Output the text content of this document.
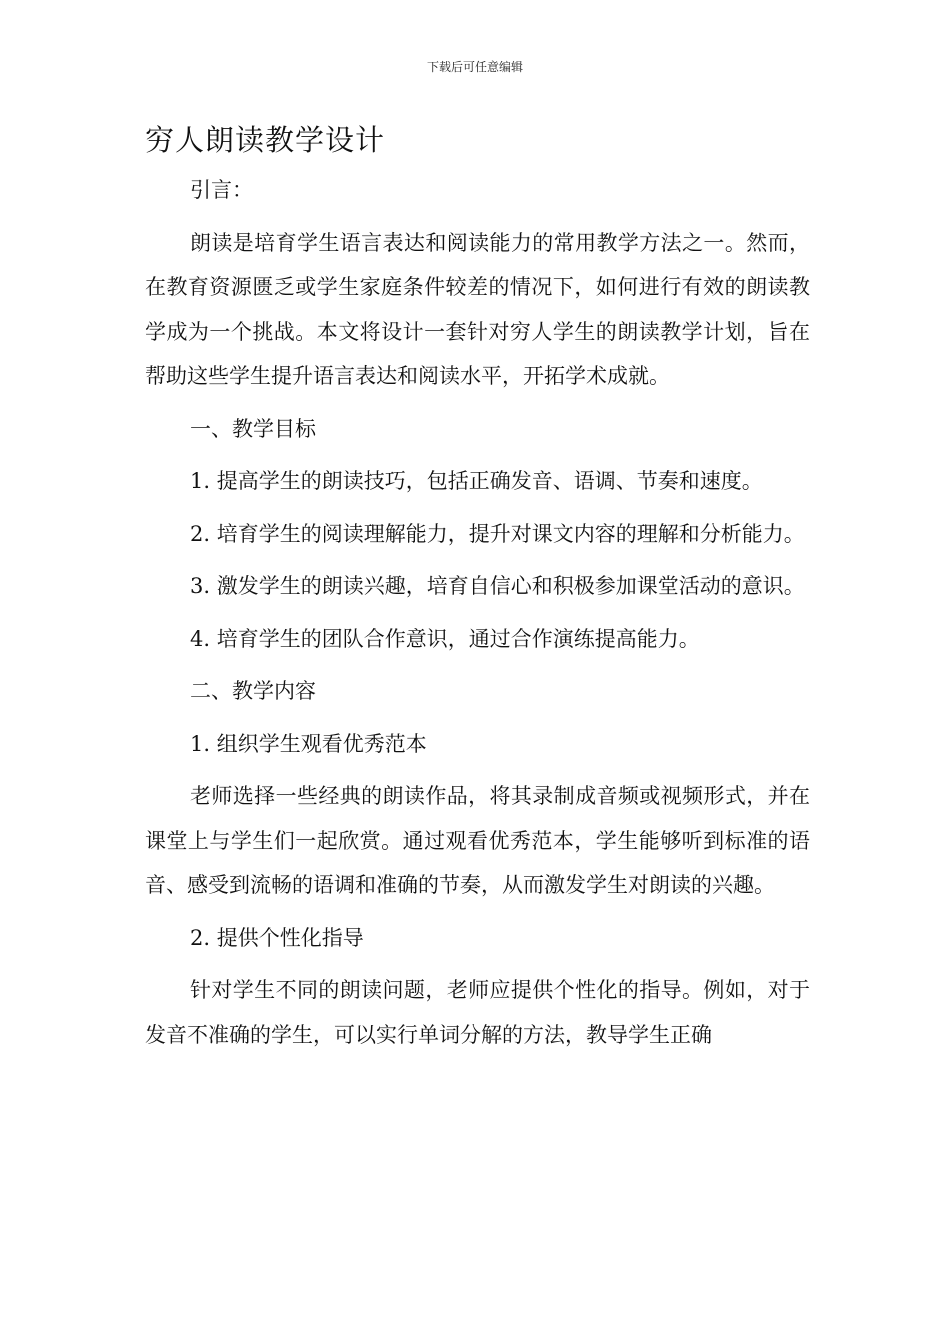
下载后可任意编辑
穷人朗读教学设计

引言：

朗读是培育学生语言表达和阅读能力的常用教学方法之一。然而，在教育资源匮乏或学生家庭条件较差的情况下，如何进行有效的朗读教学成为一个挑战。本文将设计一套针对穷人学生的朗读教学计划，旨在帮助这些学生提升语言表达和阅读水平，开拓学术成就。

一、教学目标

1. 提高学生的朗读技巧，包括正确发音、语调、节奏和速度。

2. 培育学生的阅读理解能力，提升对课文内容的理解和分析能力。

3. 激发学生的朗读兴趣，培育自信心和积极参加课堂活动的意识。

4. 培育学生的团队合作意识，通过合作演练提高能力。

二、教学内容

1. 组织学生观看优秀范本

老师选择一些经典的朗读作品，将其录制成音频或视频形式，并在课堂上与学生们一起欣赏。通过观看优秀范本，学生能够听到标准的语音、感受到流畅的语调和准确的节奏，从而激发学生对朗读的兴趣。

2. 提供个性化指导

针对学生不同的朗读问题，老师应提供个性化的指导。例如，对于发音不准确的学生，可以实行单词分解的方法，教导学生正确
